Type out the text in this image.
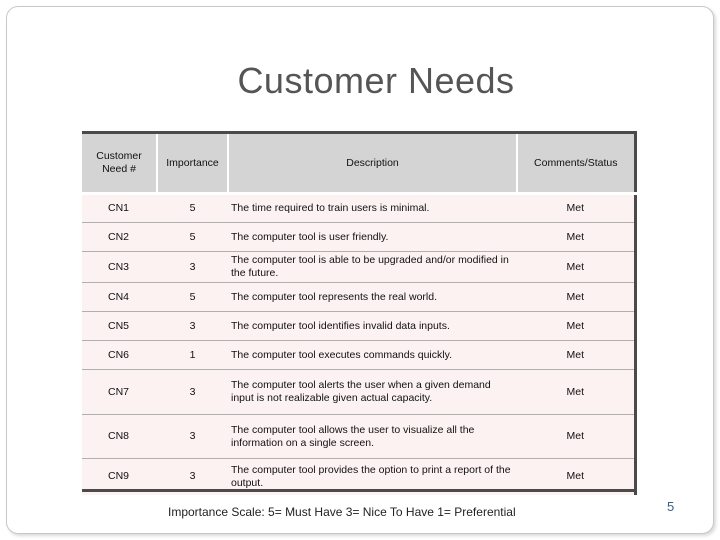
Customer Needs
Customer Need #	Importance	Description	Comments/Status
CN1	5	The time required to train users is minimal.	Met
CN2	5	The computer tool is user friendly.	Met
CN3	3	The computer tool is able to be upgraded and/or modified in the future.	Met
CN4	5	The computer tool represents the real world.	Met
CN5	3	The computer tool identifies invalid data inputs.	Met
CN6	1	The computer tool executes commands quickly.	Met
CN7	3	The computer tool alerts the user when a given demand input is not realizable given actual capacity.	Met
CN8	3	The computer tool allows the user to visualize all the information on a single screen.	Met
CN9	3	The computer tool provides the option to print a report of the output.	Met
Importance Scale: 5= Must Have 3= Nice To Have 1= Preferential	5
